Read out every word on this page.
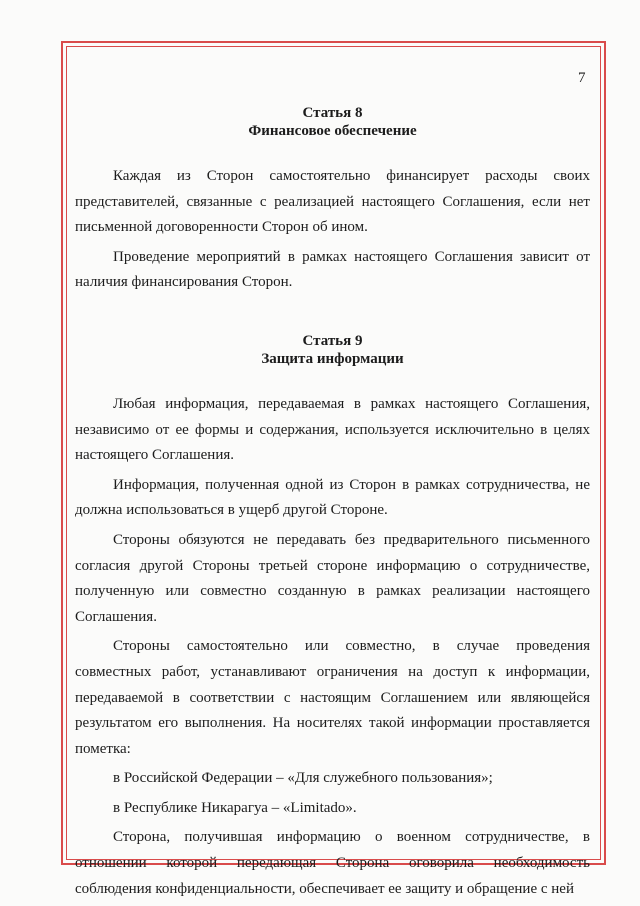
7
Статья 8
Финансовое обеспечение

Каждая из Сторон самостоятельно финансирует расходы своих представителей, связанные с реализацией настоящего Соглашения, если нет письменной договоренности Сторон об ином.

Проведение мероприятий в рамках настоящего Соглашения зависит от наличия финансирования Сторон.

Статья 9
Защита информации

Любая информация, передаваемая в рамках настоящего Соглашения, независимо от ее формы и содержания, используется исключительно в целях настоящего Соглашения.

Информация, полученная одной из Сторон в рамках сотрудничества, не должна использоваться в ущерб другой Стороне.

Стороны обязуются не передавать без предварительного письменного согласия другой Стороны третьей стороне информацию о сотрудничестве, полученную или совместно созданную в рамках реализации настоящего Соглашения.

Стороны самостоятельно или совместно, в случае проведения совместных работ, устанавливают ограничения на доступ к информации, передаваемой в соответствии с настоящим Соглашением или являющейся результатом его выполнения. На носителях такой информации проставляется пометка:

в Российской Федерации – «Для служебного пользования»;

в Республике Никарагуа – «Limitado».

Сторона, получившая информацию о военном сотрудничестве, в отношении которой передающая Сторона оговорила необходимость соблюдения конфиденциальности, обеспечивает ее защиту и обращение с ней
